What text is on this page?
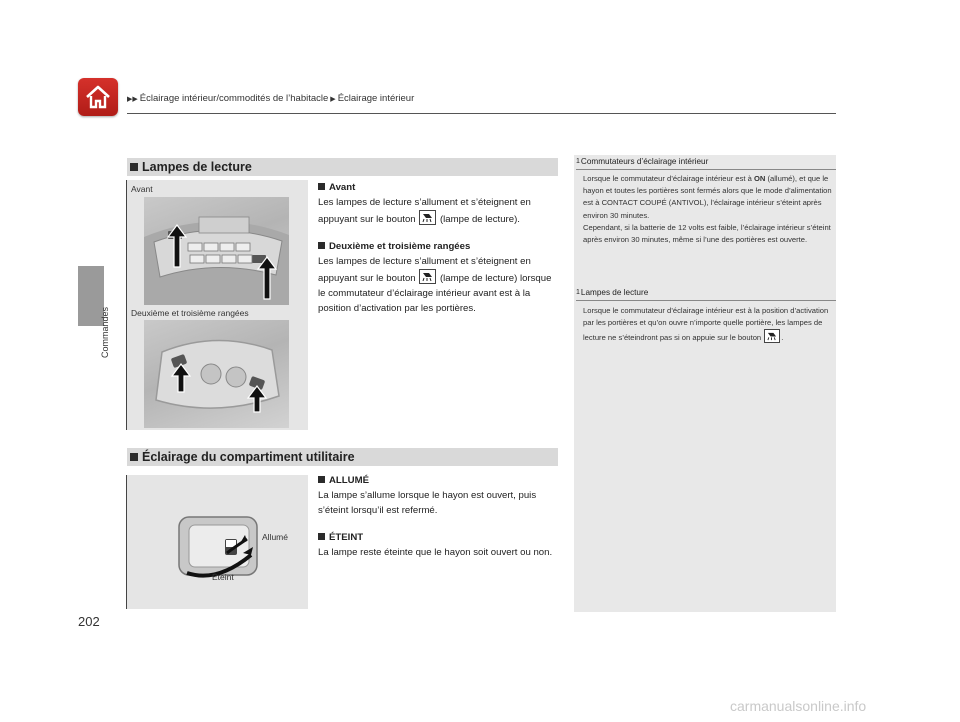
▶▶ Éclairage intérieur/commodités de l’habitacle ▶ Éclairage intérieur
Commandes
Lampes de lecture
Avant
Deuxième et troisième rangées

Avant

Les lampes de lecture s’allument et s’éteignent en appuyant sur le bouton	(lampe de lecture).

Deuxième et troisième rangées

Les lampes de lecture s’allument et s’éteignent en appuyant sur le bouton	(lampe de lecture) lorsque le commutateur d’éclairage intérieur avant est à la position d’activation par les portières.

Éclairage du compartiment utilitaire
Allumé
Éteint

ALLUMÉ

La lampe s’allume lorsque le hayon est ouvert, puis s’éteint lorsqu’il est refermé.

ÉTEINT

La lampe reste éteinte que le hayon soit ouvert ou non.

1Commutateurs d’éclairage intérieur
Lorsque le commutateur d’éclairage intérieur est à ON (allumé), et que le hayon et toutes les portières sont fermés alors que le mode d’alimentation est à CONTACT COUPÉ (ANTIVOL), l’éclairage intérieur s’éteint après environ 30 minutes.
Cependant, si la batterie de 12 volts est faible, l’éclairage intérieur s’éteint après environ 30 minutes, même si l’une des portières est ouverte.
1Lampes de lecture
Lorsque le commutateur d’éclairage intérieur est à la position d’activation par les portières et qu’on ouvre n’importe quelle portière, les lampes de lecture ne s’éteindront pas si on appuie sur le bouton	.
202
carmanualsonline.info
